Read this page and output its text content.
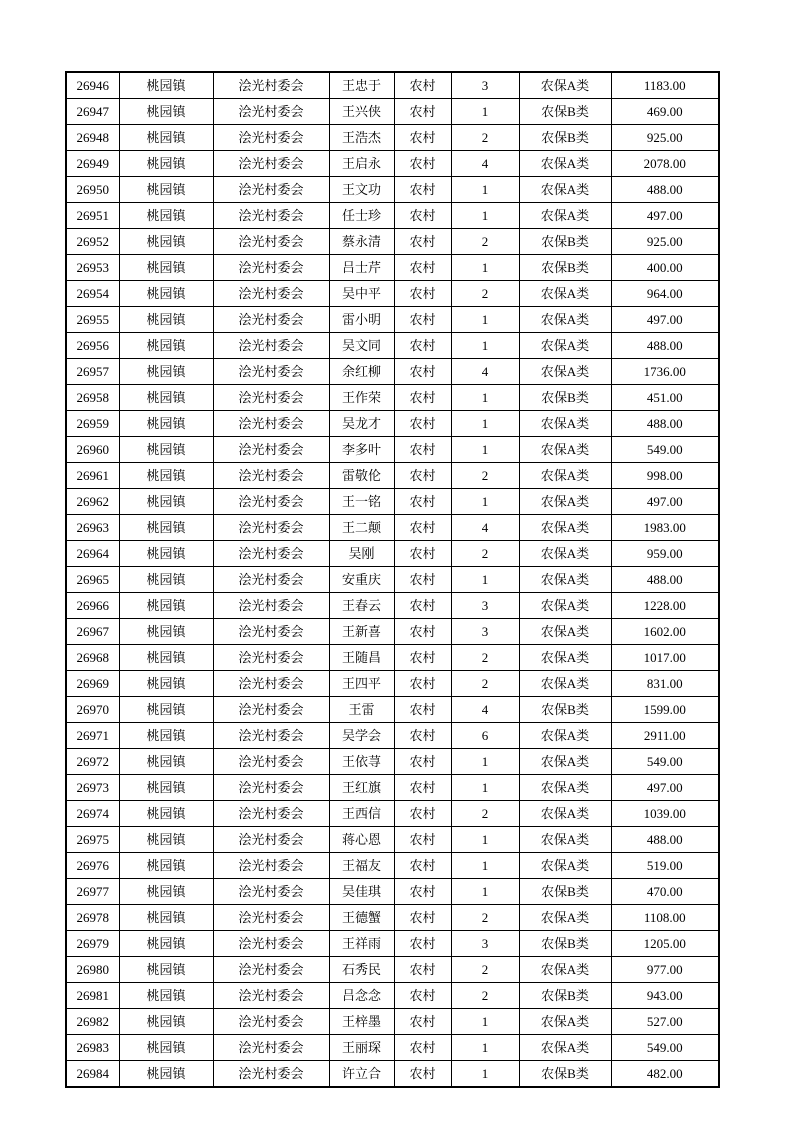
26946	桃园镇	浍光村委会	王忠于	农村	3	农保A类	1183.00
26947	桃园镇	浍光村委会	王兴侠	农村	1	农保B类	469.00
26948	桃园镇	浍光村委会	王浩杰	农村	2	农保B类	925.00
26949	桃园镇	浍光村委会	王启永	农村	4	农保A类	2078.00
26950	桃园镇	浍光村委会	王文功	农村	1	农保A类	488.00
26951	桃园镇	浍光村委会	任士珍	农村	1	农保A类	497.00
26952	桃园镇	浍光村委会	蔡永清	农村	2	农保B类	925.00
26953	桃园镇	浍光村委会	吕士芹	农村	1	农保B类	400.00
26954	桃园镇	浍光村委会	吴中平	农村	2	农保A类	964.00
26955	桃园镇	浍光村委会	雷小明	农村	1	农保A类	497.00
26956	桃园镇	浍光村委会	吴文同	农村	1	农保A类	488.00
26957	桃园镇	浍光村委会	余红柳	农村	4	农保A类	1736.00
26958	桃园镇	浍光村委会	王作荣	农村	1	农保B类	451.00
26959	桃园镇	浍光村委会	吴龙才	农村	1	农保A类	488.00
26960	桃园镇	浍光村委会	李多叶	农村	1	农保A类	549.00
26961	桃园镇	浍光村委会	雷敬伦	农村	2	农保A类	998.00
26962	桃园镇	浍光村委会	王一铭	农村	1	农保A类	497.00
26963	桃园镇	浍光村委会	王二颠	农村	4	农保A类	1983.00
26964	桃园镇	浍光村委会	吴刚	农村	2	农保A类	959.00
26965	桃园镇	浍光村委会	安重庆	农村	1	农保A类	488.00
26966	桃园镇	浍光村委会	王春云	农村	3	农保A类	1228.00
26967	桃园镇	浍光村委会	王新喜	农村	3	农保A类	1602.00
26968	桃园镇	浍光村委会	王随昌	农村	2	农保A类	1017.00
26969	桃园镇	浍光村委会	王四平	农村	2	农保A类	831.00
26970	桃园镇	浍光村委会	王雷	农村	4	农保B类	1599.00
26971	桃园镇	浍光村委会	吴学会	农村	6	农保A类	2911.00
26972	桃园镇	浍光村委会	王依荨	农村	1	农保A类	549.00
26973	桃园镇	浍光村委会	王红旗	农村	1	农保A类	497.00
26974	桃园镇	浍光村委会	王西信	农村	2	农保A类	1039.00
26975	桃园镇	浍光村委会	蒋心恩	农村	1	农保A类	488.00
26976	桃园镇	浍光村委会	王福友	农村	1	农保A类	519.00
26977	桃园镇	浍光村委会	吴佳琪	农村	1	农保B类	470.00
26978	桃园镇	浍光村委会	王德蟹	农村	2	农保A类	1108.00
26979	桃园镇	浍光村委会	王祥雨	农村	3	农保B类	1205.00
26980	桃园镇	浍光村委会	石秀民	农村	2	农保A类	977.00
26981	桃园镇	浍光村委会	吕念念	农村	2	农保B类	943.00
26982	桃园镇	浍光村委会	王梓墨	农村	1	农保A类	527.00
26983	桃园镇	浍光村委会	王丽琛	农村	1	农保A类	549.00
26984	桃园镇	浍光村委会	许立合	农村	1	农保B类	482.00
